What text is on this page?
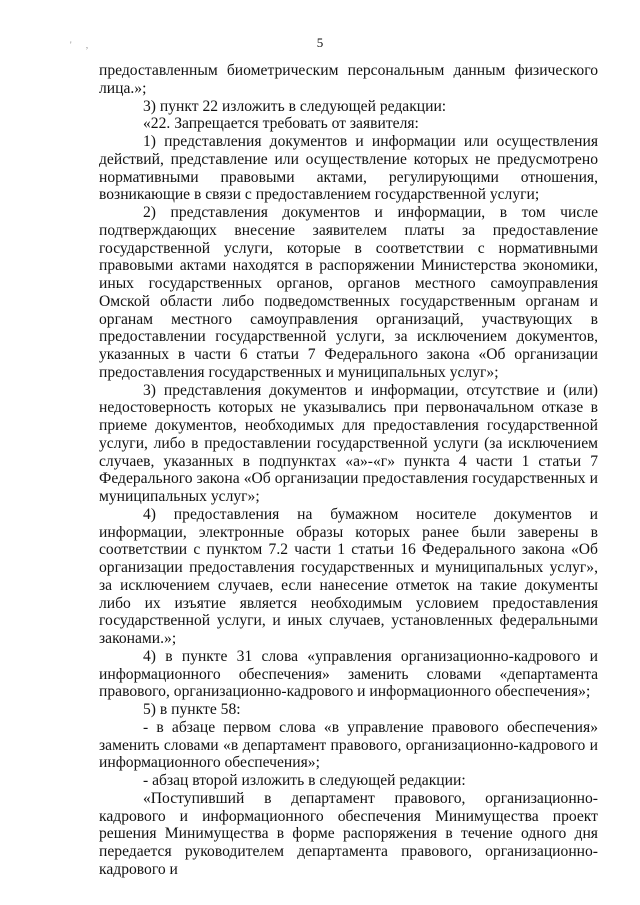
5
' ,

предоставленным биометрическим персональным данным физического лица.»;

3) пункт 22 изложить в следующей редакции:

«22. Запрещается требовать от заявителя:

1) представления документов и информации или осуществления действий, представление или осуществление которых не предусмотрено нормативными правовыми актами, регулирующими отношения, возникающие в связи с предоставлением государственной услуги;

2) представления документов и информации, в том числе подтверждающих внесение заявителем платы за предоставление государственной услуги, которые в соответствии с нормативными правовыми актами находятся в распоряжении Министерства экономики, иных государственных органов, органов местного самоуправления Омской области либо подведомственных государственным органам и органам местного самоуправления организаций, участвующих в предоставлении государственной услуги, за исключением документов, указанных в части 6 статьи 7 Федерального закона «Об организации предоставления государственных и муниципальных услуг»;

3) представления документов и информации, отсутствие и (или) недостоверность которых не указывались при первоначальном отказе в приеме документов, необходимых для предоставления государственной услуги, либо в предоставлении государственной услуги (за исключением случаев, указанных в подпунктах «а»-«г» пункта 4 части 1 статьи 7 Федерального закона «Об организации предоставления государственных и муниципальных услуг»;

4) предоставления на бумажном носителе документов и информации, электронные образы которых ранее были заверены в соответствии с пунктом 7.2 части 1 статьи 16 Федерального закона «Об организации предоставления государственных и муниципальных услуг», за исключением случаев, если нанесение отметок на такие документы либо их изъятие является необходимым условием предоставления государственной услуги, и иных случаев, установленных федеральными законами.»;

4) в пункте 31 слова «управления организационно-кадрового и информационного обеспечения» заменить словами «департамента правового, организационно-кадрового и информационного обеспечения»;

5) в пункте 58:

- в абзаце первом слова «в управление правового обеспечения» заменить словами «в департамент правового, организационно-кадрового и информационного обеспечения»;

- абзац второй изложить в следующей редакции:

«Поступивший в департамент правового, организационно-кадрового и информационного обеспечения Минимущества проект решения Минимущества в форме распоряжения в течение одного дня передается руководителем департамента правового, организационно-кадрового и
